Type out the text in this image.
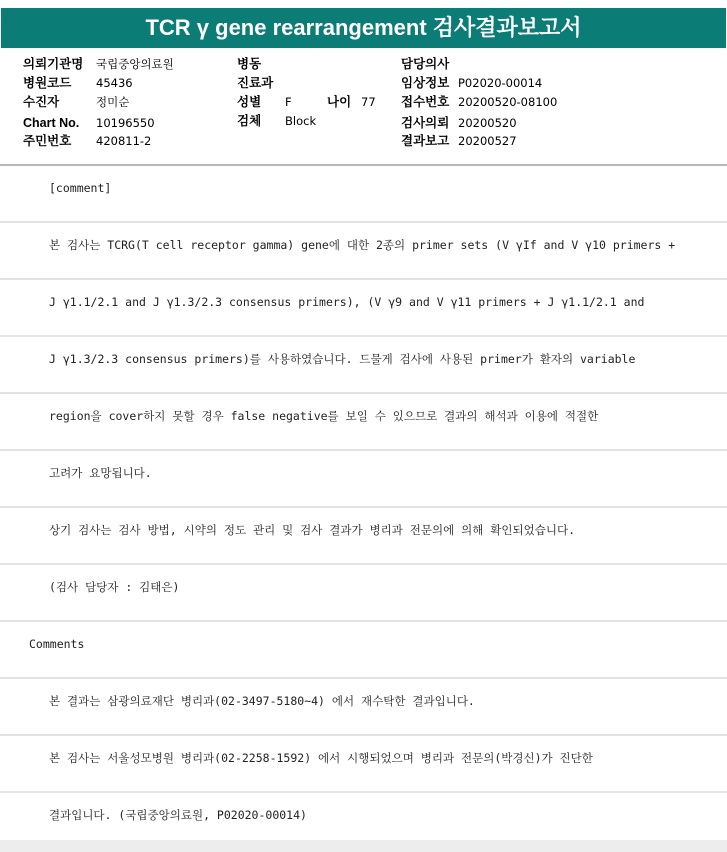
TCR γ gene rearrangement 검사결과보고서
의뢰기관명 국립중앙의료원
병원코드 45436
수진자	정미순
Chart No. 10196550
주민번호 420811-2
병동
진료과
성별 F	나이 77
검체 Block
담당의사
임상정보 P02020-00014
접수번호 20200520-08100
검사의뢰 20200520
결과보고 20200527
[comment]
본 검사는 TCRG(T cell receptor gamma) gene에 대한 2종의 primer sets (V γIf and V γ10 primers +
J γ1.1/2.1 and J γ1.3/2.3 consensus primers), (V γ9 and V γ11 primers + J γ1.1/2.1 and
J γ1.3/2.3 consensus primers)를 사용하였습니다. 드물게 검사에 사용된 primer가 환자의 variable
region을 cover하지 못할 경우 false negative를 보일 수 있으므로 결과의 해석과 이용에 적절한
고려가 요망됩니다.
상기 검사는 검사 방법, 시약의 정도 관리 및 검사 결과가 병리과 전문의에 의해 확인되었습니다.
(검사 담당자 : 김태은)
Comments
본 결과는 삼광의료재단 병리과(02-3497-5180~4) 에서 재수탁한 결과입니다.
본 검사는 서울성모병원 병리과(02-2258-1592) 에서 시행되었으며 병리과 전문의(박경신)가 진단한
결과입니다. (국립중앙의료원, P02020-00014)
